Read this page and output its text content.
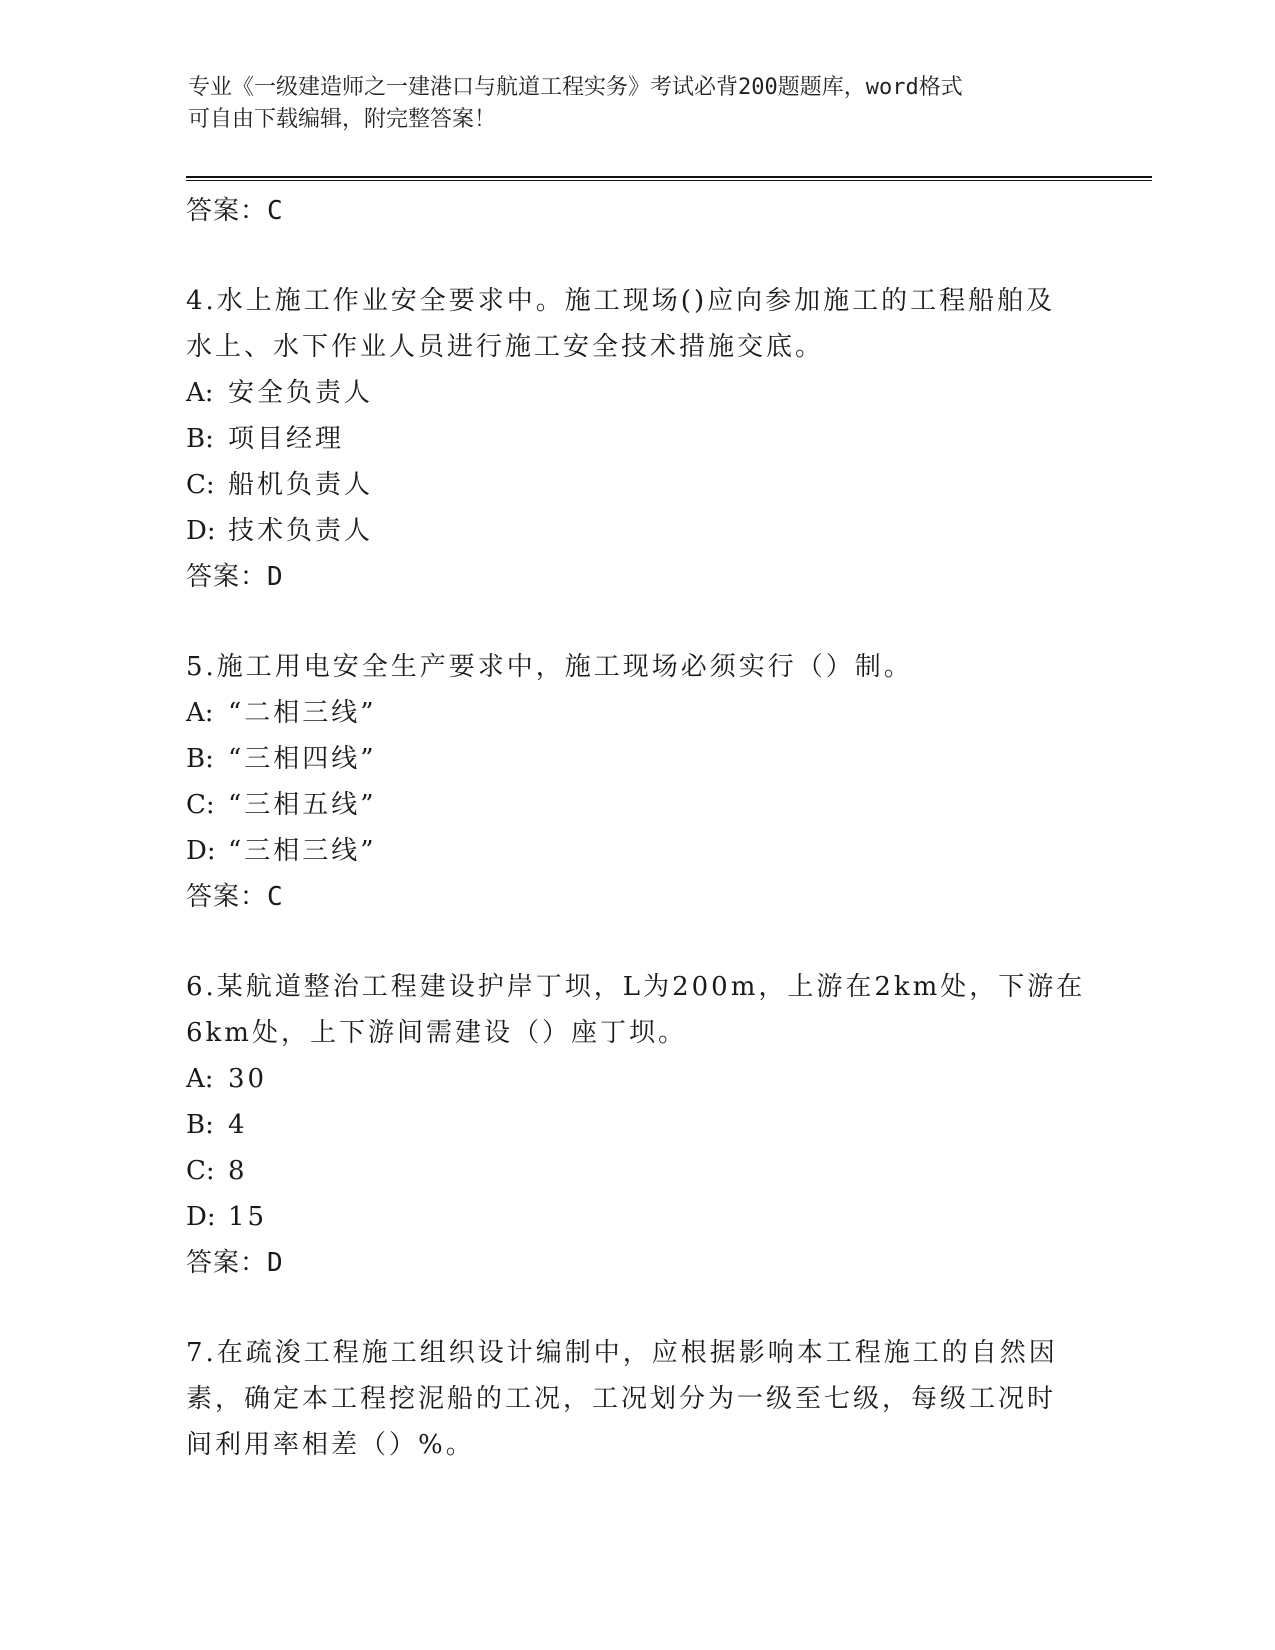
专业《一级建造师之一建港口与航道工程实务》考试必背200题题库，word格式

可自由下载编辑，附完整答案！

答案：C

4.水上施工作业安全要求中。施工现场()应向参加施工的工程船舶及
水上、水下作业人员进行施工安全技术措施交底。

A: 安全负责人
B: 项目经理
C: 船机负责人
D: 技术负责人
答案：D

5.施工用电安全生产要求中，施工现场必须实行（）制。

A: “二相三线”
B: “三相四线”
C: “三相五线”
D: “三相三线”
答案：C

6.某航道整治工程建设护岸丁坝，L为200m，上游在2km处，下游在
6km处，上下游间需建设（）座丁坝。

A: 30
B: 4
C: 8
D: 15
答案：D

7.在疏浚工程施工组织设计编制中，应根据影响本工程施工的自然因
素，确定本工程挖泥船的工况，工况划分为一级至七级，每级工况时
间利用率相差（）%。
